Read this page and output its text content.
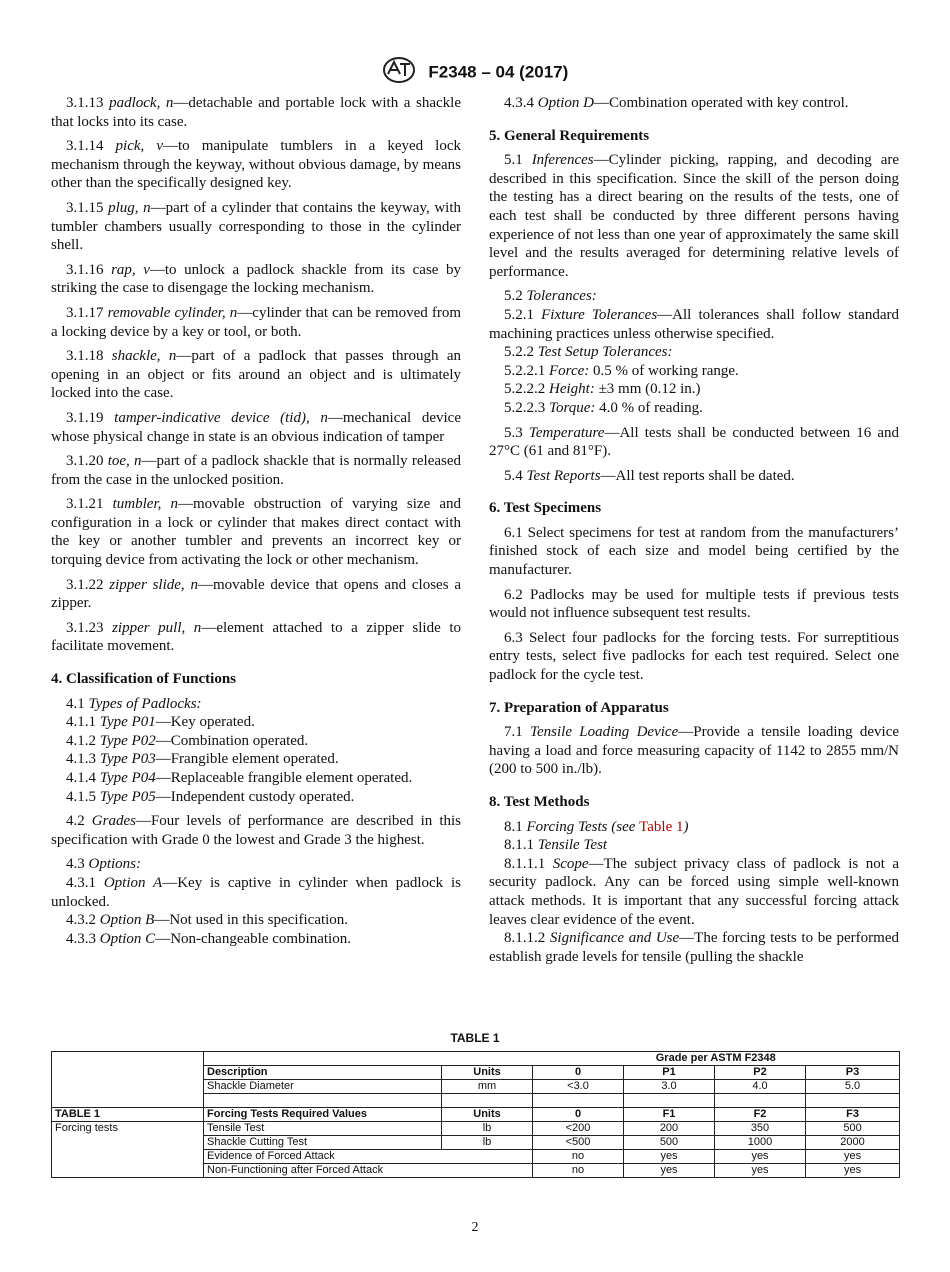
F2348 – 04 (2017)
3.1.13 padlock, n—detachable and portable lock with a shackle that locks into its case.
3.1.14 pick, v—to manipulate tumblers in a keyed lock mechanism through the keyway, without obvious damage, by means other than the specifically designed key.
3.1.15 plug, n—part of a cylinder that contains the keyway, with tumbler chambers usually corresponding to those in the cylinder shell.
3.1.16 rap, v—to unlock a padlock shackle from its case by striking the case to disengage the locking mechanism.
3.1.17 removable cylinder, n—cylinder that can be removed from a locking device by a key or tool, or both.
3.1.18 shackle, n—part of a padlock that passes through an opening in an object or fits around an object and is ultimately locked into the case.
3.1.19 tamper-indicative device (tid), n—mechanical device whose physical change in state is an obvious indication of tamper
3.1.20 toe, n—part of a padlock shackle that is normally released from the case in the unlocked position.
3.1.21 tumbler, n—movable obstruction of varying size and configuration in a lock or cylinder that makes direct contact with the key or another tumbler and prevents an incorrect key or torquing device from activating the lock or other mechanism.
3.1.22 zipper slide, n—movable device that opens and closes a zipper.
3.1.23 zipper pull, n—element attached to a zipper slide to facilitate movement.
4. Classification of Functions
4.1 Types of Padlocks:
4.1.1 Type P01—Key operated.
4.1.2 Type P02—Combination operated.
4.1.3 Type P03—Frangible element operated.
4.1.4 Type P04—Replaceable frangible element operated.
4.1.5 Type P05—Independent custody operated.
4.2 Grades—Four levels of performance are described in this specification with Grade 0 the lowest and Grade 3 the highest.
4.3 Options:
4.3.1 Option A—Key is captive in cylinder when padlock is unlocked.
4.3.2 Option B—Not used in this specification.
4.3.3 Option C—Non-changeable combination.
4.3.4 Option D—Combination operated with key control.
5. General Requirements
5.1 Inferences—Cylinder picking, rapping, and decoding are described in this specification. Since the skill of the person doing the testing has a direct bearing on the results of the tests, one of each test shall be conducted by three different persons having experience of not less than one year of approximately the same skill level and the results averaged for determining relative levels of performance.
5.2 Tolerances:
5.2.1 Fixture Tolerances—All tolerances shall follow standard machining practices unless otherwise specified.
5.2.2 Test Setup Tolerances:
5.2.2.1 Force: 0.5 % of working range.
5.2.2.2 Height: ±3 mm (0.12 in.)
5.2.2.3 Torque: 4.0 % of reading.
5.3 Temperature—All tests shall be conducted between 16 and 27°C (61 and 81°F).
5.4 Test Reports—All test reports shall be dated.
6. Test Specimens
6.1 Select specimens for test at random from the manufacturers’ finished stock of each size and model being certified by the manufacturer.
6.2 Padlocks may be used for multiple tests if previous tests would not influence subsequent test results.
6.3 Select four padlocks for the forcing tests. For surreptitious entry tests, select five padlocks for each test required. Select one padlock for the cycle test.
7. Preparation of Apparatus
7.1 Tensile Loading Device—Provide a tensile loading device having a load and force measuring capacity of 1142 to 2855 mm/N (200 to 500 in./lb).
8. Test Methods
8.1 Forcing Tests (see Table 1)
8.1.1 Tensile Test
8.1.1.1 Scope—The subject privacy class of padlock is not a security padlock. Any can be forced using simple well-known attack methods. It is important that any successful forcing attack leaves clear evidence of the event.
8.1.1.2 Significance and Use—The forcing tests to be performed establish grade levels for tensile (pulling the shackle
TABLE 1
			Grade per ASTM F2348			
	Description	Units	0	P1	P2	P3
	Shackle Diameter	mm	<3.0	3.0	4.0	5.0

TABLE 1	Forcing Tests Required Values	Units	0	F1	F2	F3
Forcing tests	Tensile Test	lb	<200	200	350	500
	Shackle Cutting Test	lb	<500	500	1000	2000
	Evidence of Forced Attack		no	yes	yes	yes
	Non-Functioning after Forced Attack		no	yes	yes	yes
2
